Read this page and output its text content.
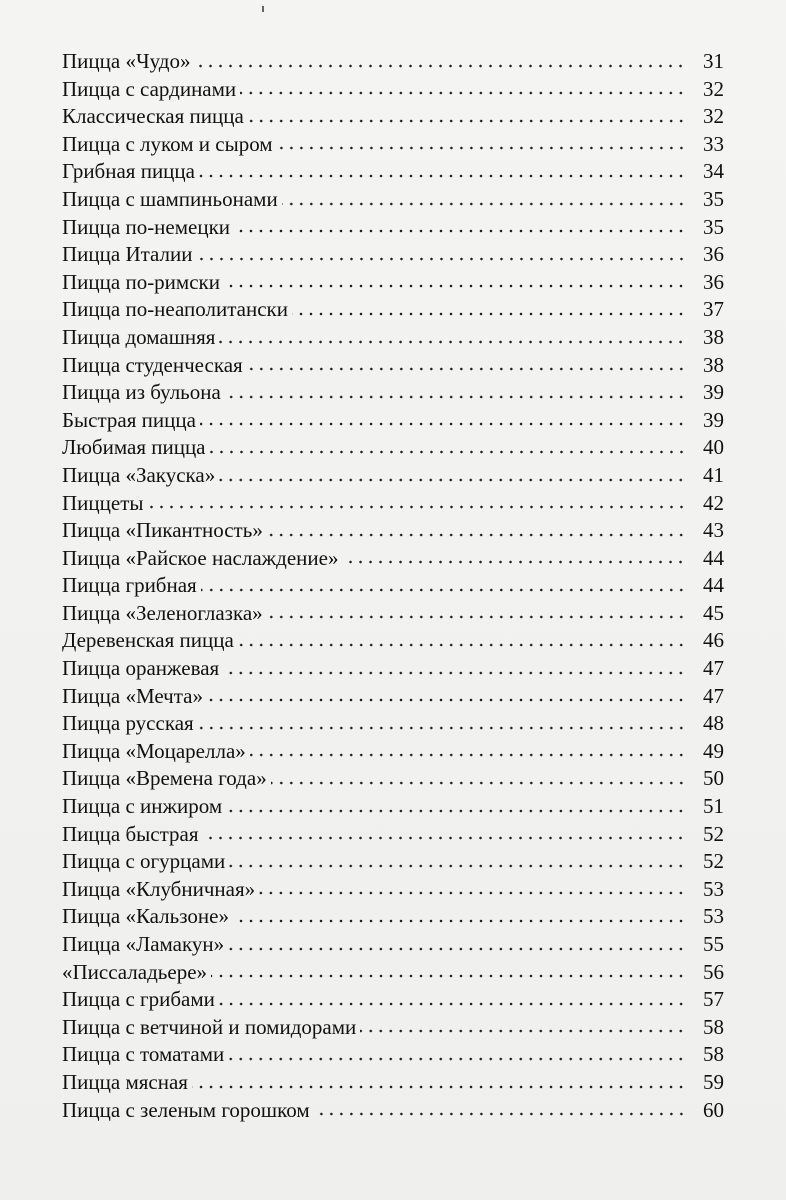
Пицца «Чудо»	31
Пицца с сардинами	32
Классическая пицца	32
Пицца с луком и сыром	33
Грибная пицца	34
Пицца с шампиньонами	35
Пицца по-немецки	35
Пицца Италии	36
Пицца по-римски	36
Пицца по-неаполитански	37
Пицца домашняя	38
Пицца студенческая	38
Пицца из бульона	39
Быстрая пицца	39
Любимая пицца	40
Пицца «Закуска»	41
Пиццеты	42
Пицца «Пикантность»	43
Пицца «Райское наслаждение»	44
Пицца грибная	44
Пицца «Зеленоглазка»	45
Деревенская пицца	46
Пицца оранжевая	47
Пицца «Мечта»	47
Пицца русская	48
Пицца «Моцарелла»	49
Пицца «Времена года»	50
Пицца с инжиром	51
Пицца быстрая	52
Пицца с огурцами	52
Пицца «Клубничная»	53
Пицца «Кальзоне»	53
Пицца «Ламакун»	55
«Писсаладьере»	56
Пицца с грибами	57
Пицца с ветчиной и помидорами	58
Пицца с томатами	58
Пицца мясная	59
Пицца с зеленым горошком	60
